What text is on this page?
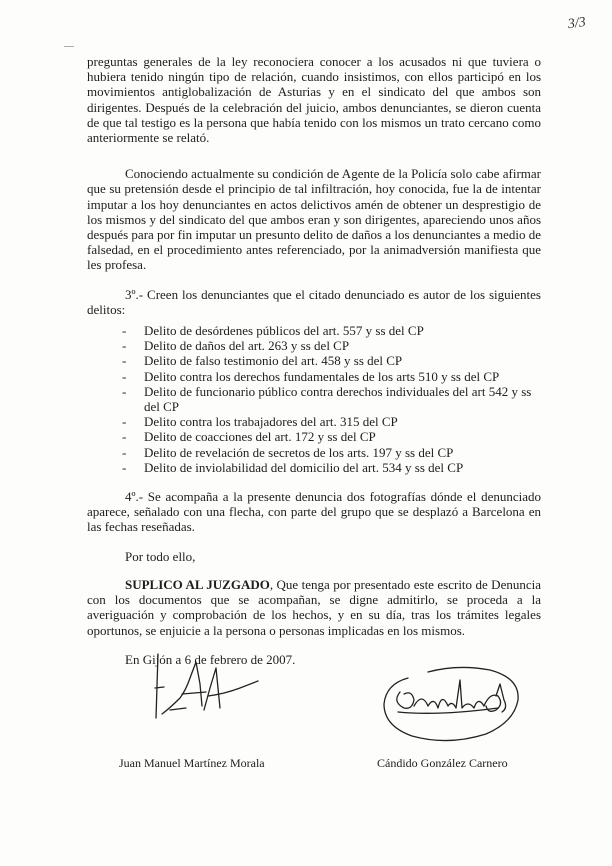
3/3

preguntas generales de la ley reconociera conocer a los acusados ni que tuviera o hubiera tenido ningún tipo de relación, cuando insistimos, con ellos participó en los movimientos antiglobalización de Asturias y en el sindicato del que ambos son dirigentes. Después de la celebración del juicio, ambos denunciantes, se dieron cuenta de que tal testigo es la persona que había tenido con los mismos un trato cercano como anteriormente se relató.

Conociendo actualmente su condición de Agente de la Policía solo cabe afirmar que su pretensión desde el principio de tal infiltración, hoy conocida, fue la de intentar imputar a los hoy denunciantes en actos delictivos amén de obtener un desprestigio de los mismos y del sindicato del que ambos eran y son dirigentes, apareciendo unos años después para por fin imputar un presunto delito de daños a los denunciantes a medio de falsedad, en el procedimiento antes referenciado, por la animadversión manifiesta que les profesa.

3º.- Creen los denunciantes que el citado denunciado es autor de los siguientes delitos:

- Delito de desórdenes públicos del art. 557 y ss del CP
- Delito de daños del art. 263 y ss del CP
- Delito de falso testimonio del art. 458 y ss del CP
- Delito contra los derechos fundamentales de los arts 510 y ss del CP
- Delito de funcionario público contra derechos individuales del art 542 y ss del CP
- Delito contra los trabajadores del art. 315 del CP
- Delito de coacciones del art. 172 y ss del CP
- Delito de revelación de secretos de los arts. 197 y ss del CP
- Delito de inviolabilidad del domicilio del art. 534 y ss del CP

4º.- Se acompaña a la presente denuncia dos fotografías dónde el denunciado aparece, señalado con una flecha, con parte del grupo que se desplazó a Barcelona en las fechas reseñadas.

Por todo ello,

SUPLICO AL JUZGADO, Que tenga por presentado este escrito de Denuncia con los documentos que se acompañan, se digne admitirlo, se proceda a la averiguación y comprobación de los hechos, y en su día, tras los trámites legales oportunos, se enjuicie a la persona o personas implicadas en los mismos.

En Gijón a 6 de febrero de 2007.

Juan Manuel Martínez Morala	Cándido González Carnero
